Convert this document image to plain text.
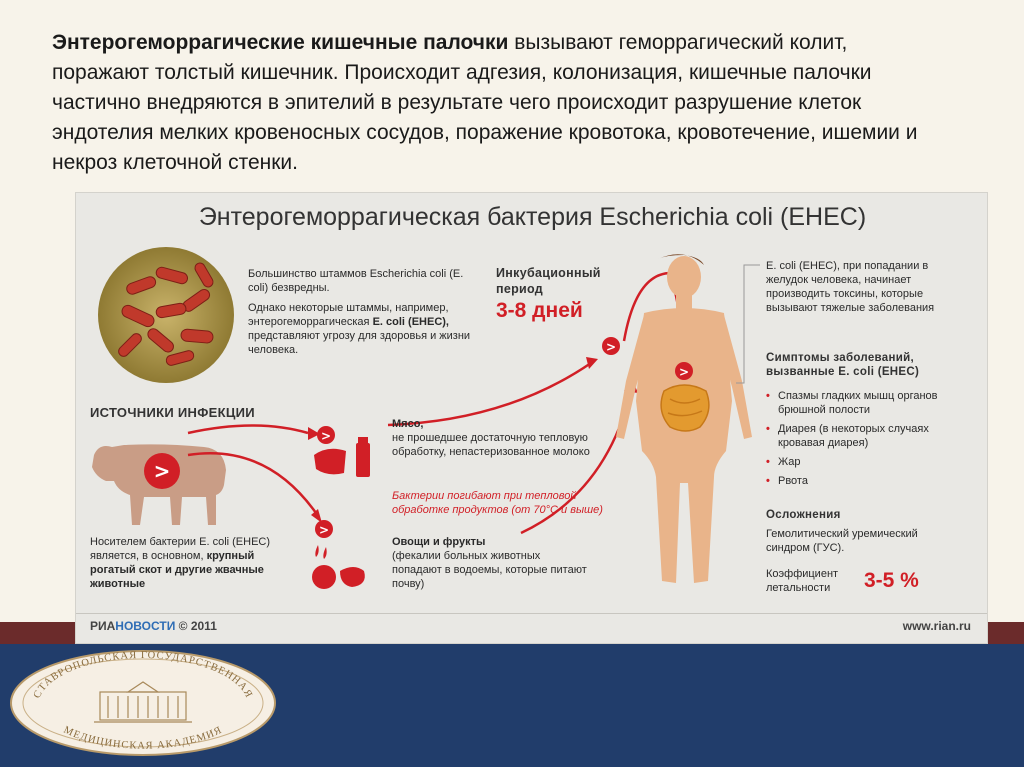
Энтерогеморрагические кишечные палочки вызывают геморрагический колит, поражают толстый кишечник. Происходит адгезия, колонизация, кишечные палочки частично внедряются в эпителий в результате чего происходит разрушение клеток эндотелия мелких кровеносных сосудов, поражение кровотока, кровотечение, ишемии и некроз клеточной стенки.
Энтерогеморрагическая бактерия Escherichia coli (EHEC)
Большинство штаммов Escherichia coli (E. coli) безвредны.
Однако некоторые штаммы, например, энтерогеморрагическая E. coli (EHEC), представляют угрозу для здоровья и жизни человека.
Инкубационный период
3-8 дней
ИСТОЧНИКИ ИНФЕКЦИИ
>
Носителем бактерии E. coli (EHEC) является, в основном, крупный рогатый скот и другие жвачные животные
>
>
Мясо,
не прошедшее достаточную тепловую обработку, непастеризованное молоко
Бактерии погибают при тепловой обработке продуктов (от 70°С и выше)
Овощи и фрукты
(фекалии больных животных попадают в водоемы, которые питают почву)
>
>
E. coli (EHEC), при попадании в желудок человека, начинает производить токсины, которые вызывают тяжелые заболевания
Симптомы заболеваний, вызванные E. coli (EHEC)
• Спазмы гладких мышц органов брюшной полости
• Диарея (в некоторых случаях кровавая диарея)
• Жар
• Рвота
Осложнения
Гемолитический уремический синдром (ГУС).
Коэффициент летальности	3-5 %
РИАНОВОСТИ © 2011	www.rian.ru
СТАВРОПОЛЬСКАЯ ГОСУДАРСТВЕННАЯ
МЕДИЦИНСКАЯ АКАДЕМИЯ
